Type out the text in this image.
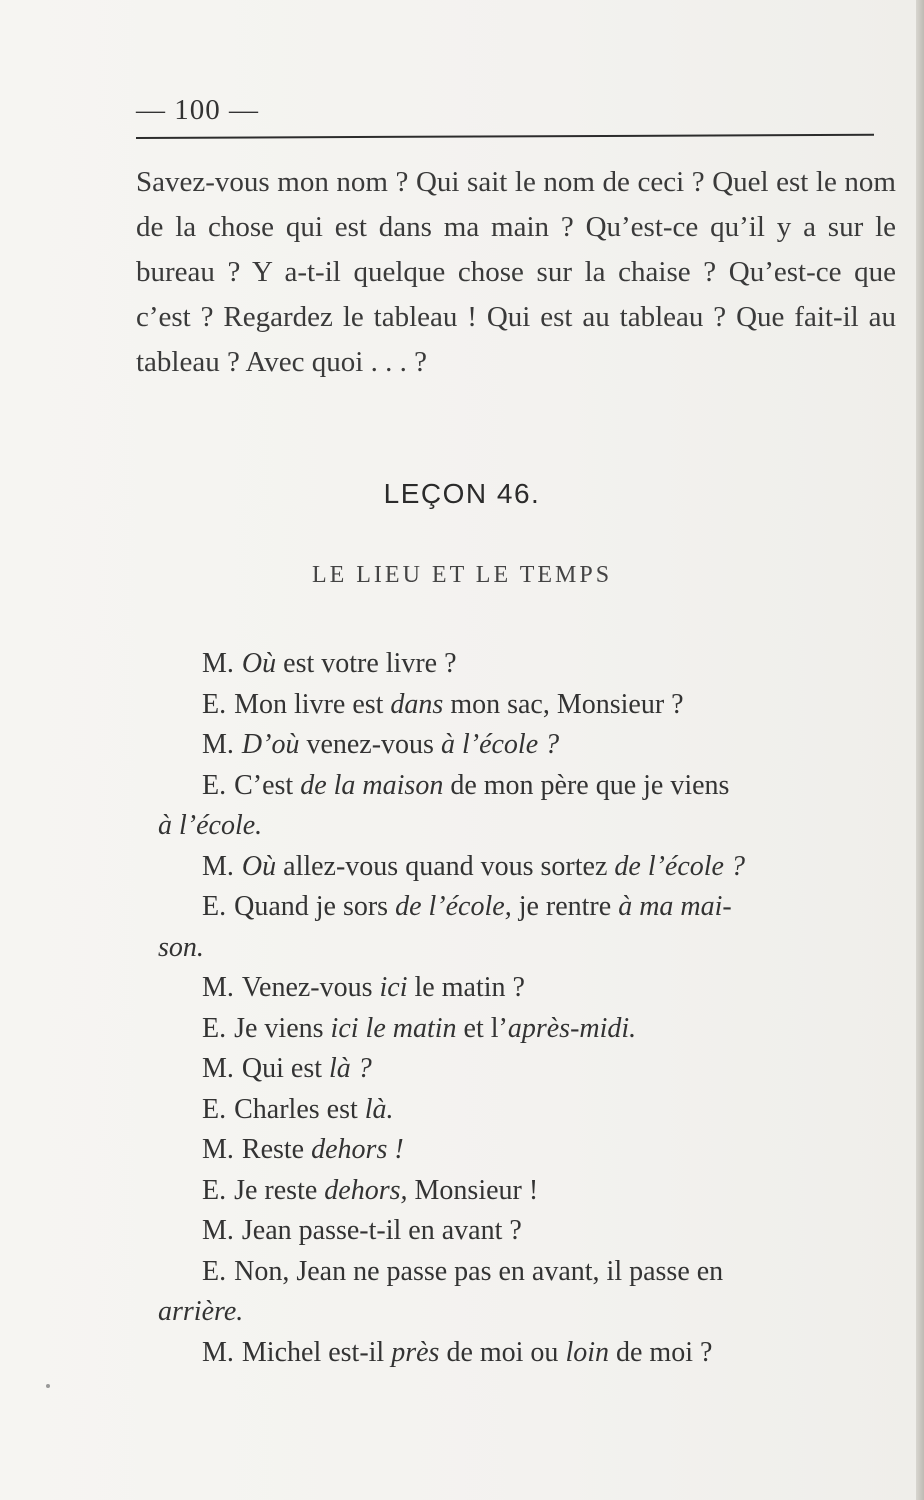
— 100 —

Savez-vous mon nom ? Qui sait le nom de ceci ? Quel est le nom de la chose qui est dans ma main ? Qu’est-ce qu’il y a sur le bureau ? Y a-t-il quelque chose sur la chaise ? Qu’est-ce que c’est ? Regardez le tableau ! Qui est au tableau ? Que fait-il au tableau ? Avec quoi . . . ?

LEÇON 46.
LE LIEU ET LE TEMPS
M. Où est votre livre ?
E. Mon livre est dans mon sac, Monsieur ?
M. D’où venez-vous à l’école ?
E. C’est de la maison de mon père que je viens
à l’école.
M. Où allez-vous quand vous sortez de l’école ?
E. Quand je sors de l’école, je rentre à ma mai-
son.
M. Venez-vous ici le matin ?
E. Je viens ici le matin et l’après-midi.
M. Qui est là ?
E. Charles est là.
M. Reste dehors !
E. Je reste dehors, Monsieur !
M. Jean passe-t-il en avant ?
E. Non, Jean ne passe pas en avant, il passe en
arrière.
M. Michel est-il près de moi ou loin de moi ?
